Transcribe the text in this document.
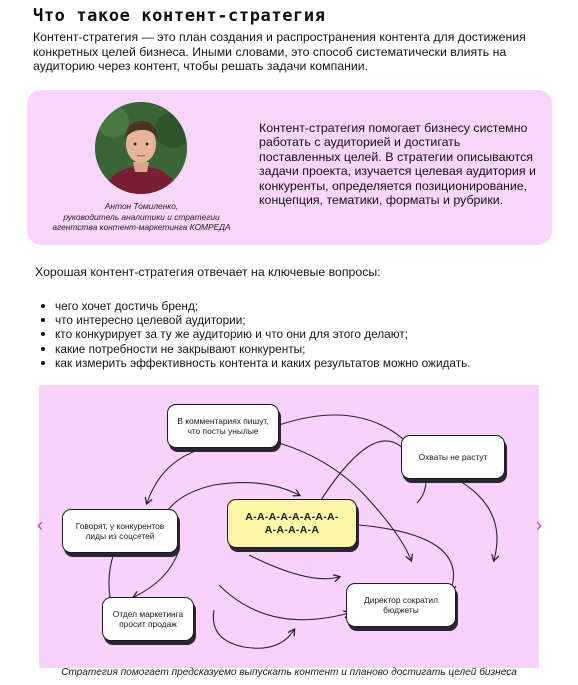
Что такое контент-стратегия
Контент-стратегия — это план создания и распространения контента для достижения конкретных целей бизнеса. Иными словами, это способ систематически влиять на аудиторию через контент, чтобы решать задачи компании.
Антон Томиленко,
руководитель аналитики и стратегии
агентства контент-маркетинга КОМРЕДА
Контент-стратегия помогает бизнесу системно работать с аудиторией и достигать поставленных целей. В стратегии описываются задачи проекта, изучается целевая аудитория и конкуренты, определяется позиционирование, концепция, тематики, форматы и рубрики.
Хорошая контент-стратегия отвечает на ключевые вопросы:
чего хочет достичь бренд;
что интересно целевой аудитории;
кто конкурирует за ту же аудиторию и что они для этого делают;
какие потребности не закрывают конкуренты;
как измерить эффективность контента и каких результатов можно ожидать.
В комментариях пишут,
что посты унылые
Охваты не растут
А-А-А-А-А-А-А-А-
А-А-А-А-А
Говорят, у конкурентов
лиды из соцсетей
Директор сократил
бюджеты
Отдел маркетинга
просит продаж
‹	›
Стратегия помогает предсказуемо выпускать контент и планово достигать целей бизнеса
